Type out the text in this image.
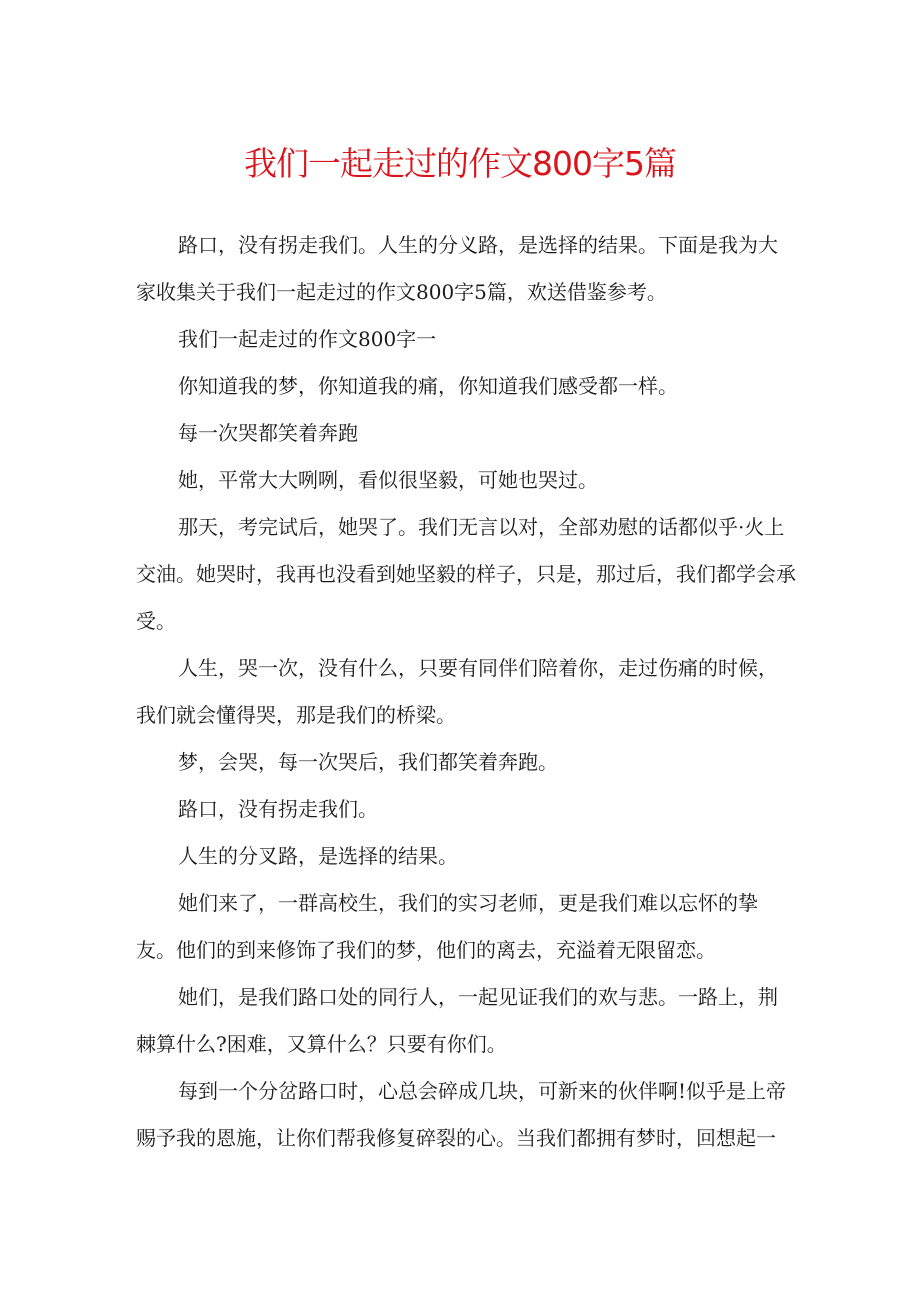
我们一起走过的作文800字5篇

路口，没有拐走我们。人生的分义路，是选择的结果。下面是我为大家收集关于我们一起走过的作文800字5篇，欢送借鉴参考。

我们一起走过的作文800字一

你知道我的梦，你知道我的痛，你知道我们感受都一样。

每一次哭都笑着奔跑

她，平常大大咧咧，看似很坚毅，可她也哭过。

那天，考完试后，她哭了。我们无言以对，全部劝慰的话都似乎·火上交油。她哭时，我再也没看到她坚毅的样子，只是，那过后，我们都学会承受。

人生，哭一次，没有什么，只要有同伴们陪着你，走过伤痛的时候，我们就会懂得哭，那是我们的桥梁。

梦，会哭，每一次哭后，我们都笑着奔跑。

路口，没有拐走我们。

人生的分叉路，是选择的结果。

她们来了，一群高校生，我们的实习老师，更是我们难以忘怀的挚友。他们的到来修饰了我们的梦，他们的离去，充溢着无限留恋。

她们，是我们路口处的同行人，一起见证我们的欢与悲。一路上，荆棘算什么?困难，又算什么？只要有你们。

每到一个分岔路口时，心总会碎成几块，可新来的伙伴啊!似乎是上帝赐予我的恩施，让你们帮我修复碎裂的心。当我们都拥有梦时，回想起一
